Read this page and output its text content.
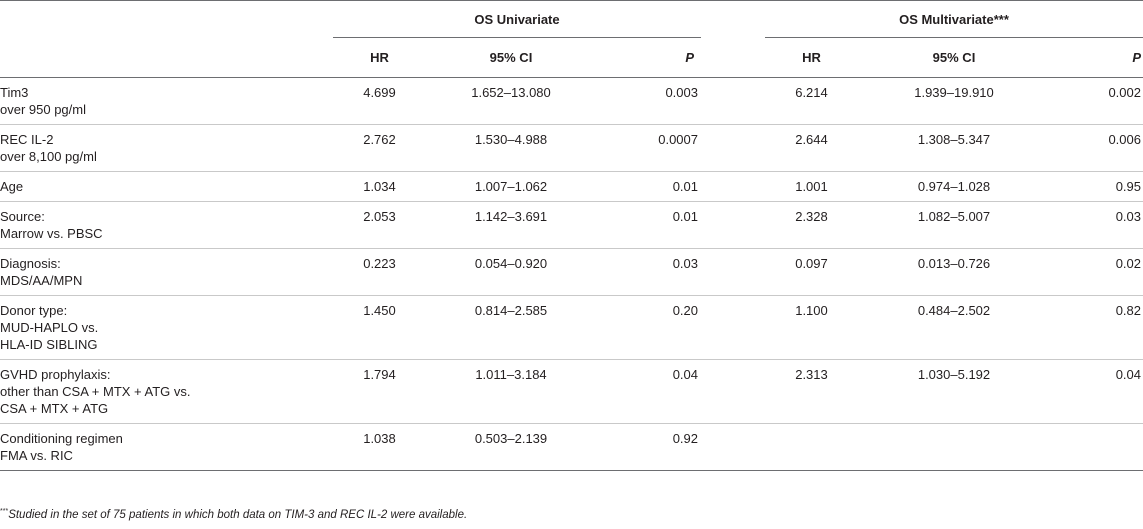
	OS Univariate				OS Multivariate***		
	HR	95% CI	P		HR	95% CI	P

Tim3
over 950 pg/ml	4.699	1.652–13.080	0.003		6.214	1.939–19.910	0.002

REC IL-2
over 8,100 pg/ml	2.762	1.530–4.988	0.0007		2.644	1.308–5.347	0.006

Age	1.034	1.007–1.062	0.01		1.001	0.974–1.028	0.95

Source:
Marrow vs. PBSC	2.053	1.142–3.691	0.01		2.328	1.082–5.007	0.03

Diagnosis:
MDS/AA/MPN	0.223	0.054–0.920	0.03		0.097	0.013–0.726	0.02

Donor type:
MUD-HAPLO vs.
HLA-ID SIBLING	1.450	0.814–2.585	0.20		1.100	0.484–2.502	0.82

GVHD prophylaxis:
other than CSA + MTX + ATG vs.
CSA + MTX + ATG	1.794	1.011–3.184	0.04		2.313	1.030–5.192	0.04

Conditioning regimen
FMA vs. RIC	1.038	0.503–2.139	0.92				
***Studied in the set of 75 patients in which both data on TIM-3 and REC IL-2 were available.
